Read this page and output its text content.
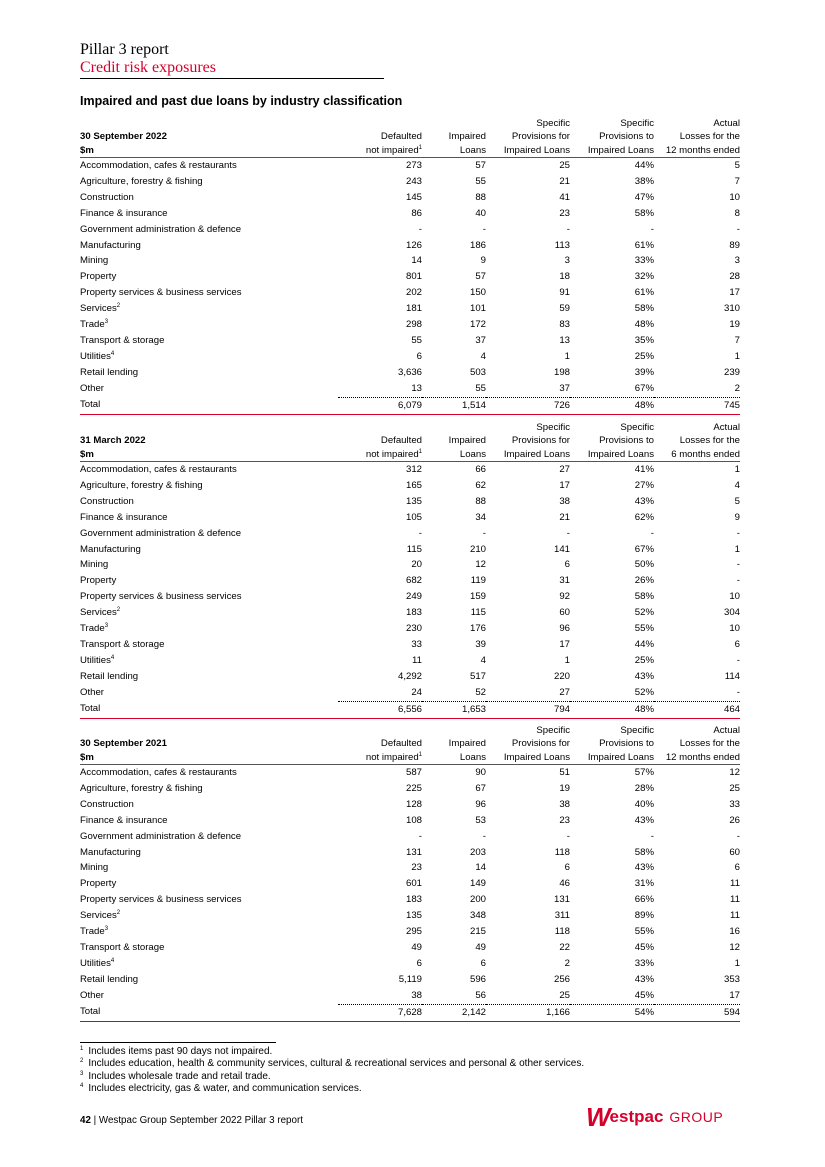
Pillar 3 report
Credit risk exposures
Impaired and past due loans by industry classification
			Specific	Specific	Actual
30 September 2022	Defaulted	Impaired	Provisions for	Provisions to	Losses for the
$m	not impaired$^1$	Loans	Impaired Loans	Impaired Loans	12 months ended
Accommodation, cafes & restaurants	273	57	25	44%	5
Agriculture, forestry & fishing	243	55	21	38%	7
Construction	145	88	41	47%	10
Finance & insurance	86	40	23	58%	8
Government administration & defence	-	-	-	-	-
Manufacturing	126	186	113	61%	89
Mining	14	9	3	33%	3
Property	801	57	18	32%	28
Property services & business services	202	150	91	61%	17
Services$^2$	181	101	59	58%	310
Trade$^3$	298	172	83	48%	19
Transport & storage	55	37	13	35%	7
Utilities$^4$	6	4	1	25%	1
Retail lending	3,636	503	198	39%	239
Other	13	55	37	67%	2
Total	6,079	1,514	726	48%	745
			Specific	Specific	Actual
31 March 2022	Defaulted	Impaired	Provisions for	Provisions to	Losses for the
$m	not impaired$^1$	Loans	Impaired Loans	Impaired Loans	6 months ended
Accommodation, cafes & restaurants	312	66	27	41%	1
Agriculture, forestry & fishing	165	62	17	27%	4
Construction	135	88	38	43%	5
Finance & insurance	105	34	21	62%	9
Government administration & defence	-	-	-	-	-
Manufacturing	115	210	141	67%	1
Mining	20	12	6	50%	-
Property	682	119	31	26%	-
Property services & business services	249	159	92	58%	10
Services$^2$	183	115	60	52%	304
Trade$^3$	230	176	96	55%	10
Transport & storage	33	39	17	44%	6
Utilities$^4$	11	4	1	25%	-
Retail lending	4,292	517	220	43%	114
Other	24	52	27	52%	-
Total	6,556	1,653	794	48%	464
			Specific	Specific	Actual
30 September 2021	Defaulted	Impaired	Provisions for	Provisions to	Losses for the
$m	not impaired$^1$	Loans	Impaired Loans	Impaired Loans	12 months ended
Accommodation, cafes & restaurants	587	90	51	57%	12
Agriculture, forestry & fishing	225	67	19	28%	25
Construction	128	96	38	40%	33
Finance & insurance	108	53	23	43%	26
Government administration & defence	-	-	-	-	-
Manufacturing	131	203	118	58%	60
Mining	23	14	6	43%	6
Property	601	149	46	31%	11
Property services & business services	183	200	131	66%	11
Services$^2$	135	348	311	89%	11
Trade$^3$	295	215	118	55%	16
Transport & storage	49	49	22	45%	12
Utilities$^4$	6	6	2	33%	1
Retail lending	5,119	596	256	43%	353
Other	38	56	25	45%	17
Total	7,628	2,142	1,166	54%	594
$^1$ Includes items past 90 days not impaired.
$^2$ Includes education, health & community services, cultural & recreational services and personal & other services.
$^3$ Includes wholesale trade and retail trade.
$^4$ Includes electricity, gas & water, and communication services.
42 | Westpac Group September 2022 Pillar 3 report	W estpac GROUP
